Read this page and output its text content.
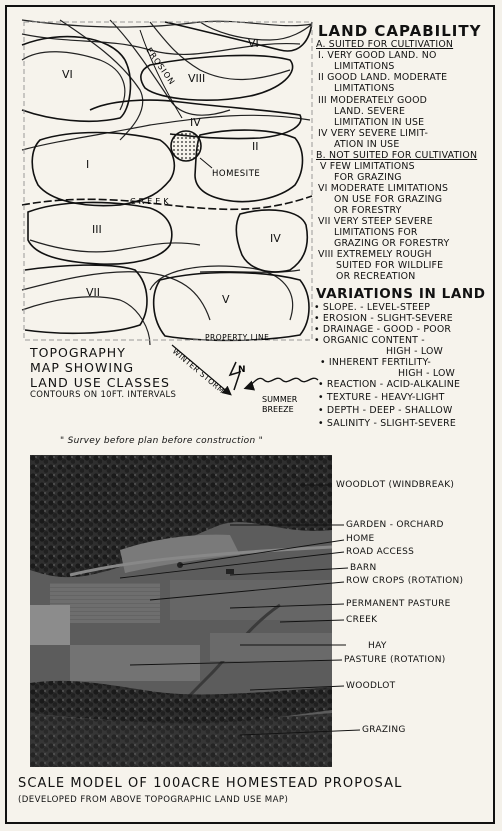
VI
VI
VIII
IV
I
II
III
IV
VII
V
EROSION
CREEK
HOMESITE
PROPERTY LINE
WINTER STORM N
SUMMER
BREEZE
LAND CAPABILITY
A. SUITED FOR CULTIVATION
I. VERY GOOD LAND. NO
LIMITATIONS
II GOOD LAND. MODERATE
LIMITATIONS
III MODERATELY GOOD
LAND. SEVERE
LIMITATION IN USE
IV VERY SEVERE LIMIT-
ATION IN USE
B. NOT SUITED FOR CULTIVATION
V FEW LIMITATIONS
FOR GRAZING
VI MODERATE LIMITATIONS
ON USE FOR GRAZING
OR FORESTRY
VII VERY STEEP SEVERE
LIMITATIONS FOR
GRAZING OR FORESTRY
VIII EXTREMELY ROUGH
SUITED FOR WILDLIFE
OR RECREATION
VARIATIONS IN LAND
• SLOPE. - LEVEL-STEEP
• EROSION - SLIGHT-SEVERE
• DRAINAGE - GOOD - POOR
• ORGANIC CONTENT -
HIGH - LOW
• INHERENT FERTILITY-
HIGH - LOW
• REACTION - ACID-ALKALINE
• TEXTURE - HEAVY-LIGHT
• DEPTH - DEEP - SHALLOW
• SALINITY - SLIGHT-SEVERE
TOPOGRAPHY
MAP SHOWING
LAND USE CLASSES
CONTOURS ON 10FT. INTERVALS
" Survey before plan before construction "
WOODLOT (WINDBREAK)
GARDEN - ORCHARD
HOME
ROAD ACCESS
BARN
ROW CROPS (ROTATION)
PERMANENT PASTURE
CREEK
HAY
PASTURE (ROTATION)
WOODLOT
GRAZING
SCALE MODEL OF 100ACRE HOMESTEAD PROPOSAL
(DEVELOPED FROM ABOVE TOPOGRAPHIC LAND USE MAP)
